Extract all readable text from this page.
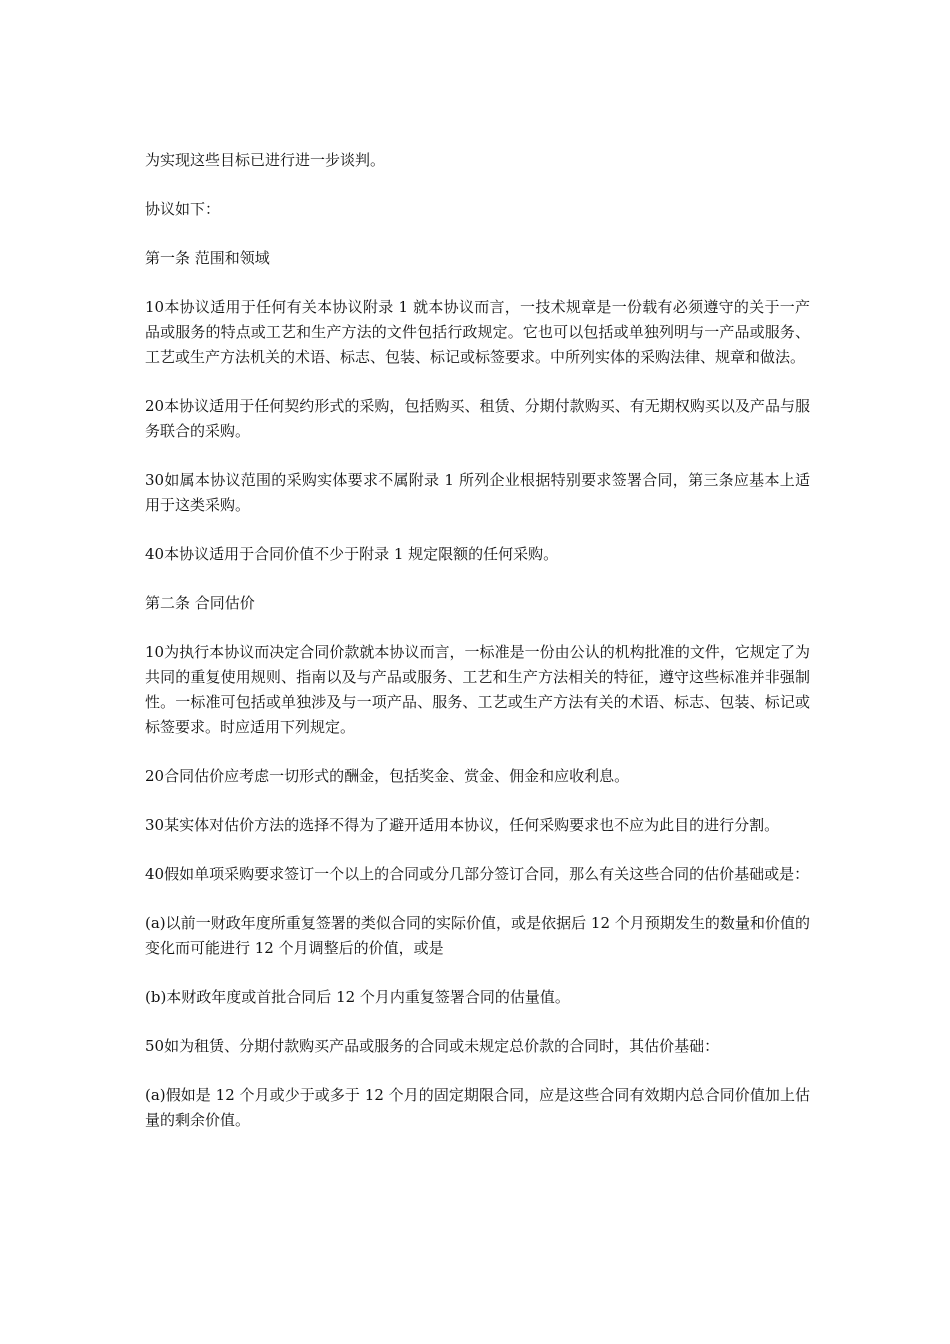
为实现这些目标已进行进一步谈判。

协议如下：

第一条 范围和领域

10本协议适用于任何有关本协议附录 1 就本协议而言，一技术规章是一份载有必须遵守的关于一产品或服务的特点或工艺和生产方法的文件包括行政规定。它也可以包括或单独列明与一产品或服务、工艺或生产方法机关的术语、标志、包装、标记或标签要求。中所列实体的采购法律、规章和做法。

20本协议适用于任何契约形式的采购，包括购买、租赁、分期付款购买、有无期权购买以及产品与服务联合的采购。

30如属本协议范围的采购实体要求不属附录 1 所列企业根据特别要求签署合同，第三条应基本上适用于这类采购。

40本协议适用于合同价值不少于附录 1 规定限额的任何采购。

第二条 合同估价

10为执行本协议而决定合同价款就本协议而言，一标准是一份由公认的机构批准的文件，它规定了为共同的重复使用规则、指南以及与产品或服务、工艺和生产方法相关的特征，遵守这些标准并非强制性。一标准可包括或单独涉及与一项产品、服务、工艺或生产方法有关的术语、标志、包装、标记或标签要求。时应适用下列规定。

20合同估价应考虑一切形式的酬金，包括奖金、赏金、佣金和应收利息。

30某实体对估价方法的选择不得为了避开适用本协议，任何采购要求也不应为此目的进行分割。

40假如单项采购要求签订一个以上的合同或分几部分签订合同，那么有关这些合同的估价基础或是：

(a)以前一财政年度所重复签署的类似合同的实际价值，或是依据后 12 个月预期发生的数量和价值的变化而可能进行 12 个月调整后的价值，或是

(b)本财政年度或首批合同后 12 个月内重复签署合同的估量值。

50如为租赁、分期付款购买产品或服务的合同或未规定总价款的合同时，其估价基础：

(a)假如是 12 个月或少于或多于 12 个月的固定期限合同，应是这些合同有效期内总合同价值加上估量的剩余价值。
